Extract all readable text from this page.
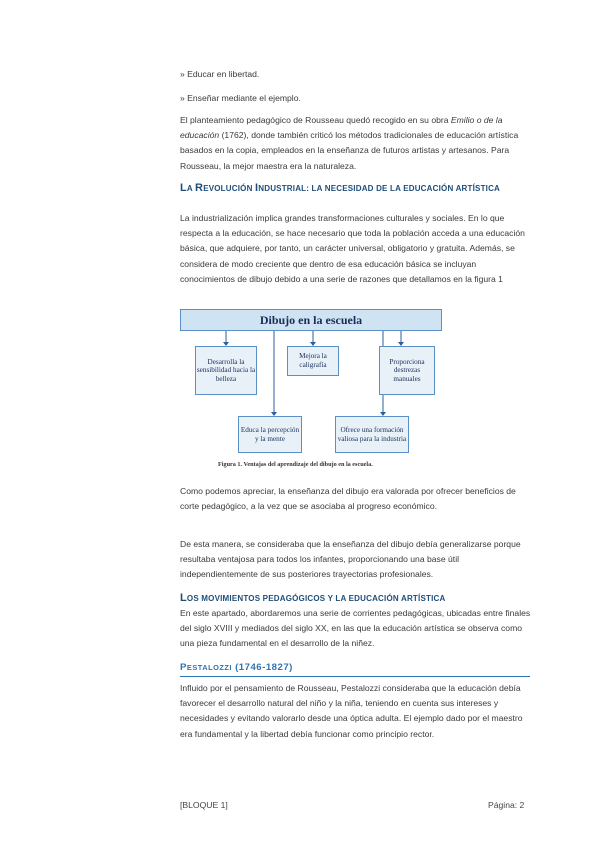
» Educar en libertad.

» Enseñar mediante el ejemplo.

El planteamiento pedagógico de Rousseau quedó recogido en su obra Emilio o de la educación (1762), donde también criticó los métodos tradicionales de educación artística basados en la copia, empleados en la enseñanza de futuros artistas y artesanos. Para Rousseau, la mejor maestra era la naturaleza.

LA REVOLUCIÓN INDUSTRIAL: LA NECESIDAD DE LA EDUCACIÓN ARTÍSTICA

La industrialización implica grandes transformaciones culturales y sociales. En lo que respecta a la educación, se hace necesario que toda la población acceda a una educación básica, que adquiere, por tanto, un carácter universal, obligatorio y gratuita. Además, se considera de modo creciente que dentro de esa educación básica se incluyan conocimientos de dibujo debido a una serie de razones que detallamos en la figura 1

Dibujo en la escuela
Desarrolla la sensibilidad hacia la belleza
Mejora la caligrafía	Proporciona destrezas manuales
Educa la percepción y la mente
Ofrece una formación valiosa para la industria
Figura 1. Ventajas del aprendizaje del dibujo en la escuela.

Como podemos apreciar, la enseñanza del dibujo era valorada por ofrecer beneficios de corte pedagógico, a la vez que se asociaba al progreso económico.

De esta manera, se consideraba que la enseñanza del dibujo debía generalizarse porque resultaba ventajosa para todos los infantes, proporcionando una base útil independientemente de sus posteriores trayectorias profesionales.

LOS MOVIMIENTOS PEDAGÓGICOS Y LA EDUCACIÓN ARTÍSTICA

En este apartado, abordaremos una serie de corrientes pedagógicas, ubicadas entre finales del siglo XVIII y mediados del siglo XX, en las que la educación artística se observa como una pieza fundamental en el desarrollo de la niñez.

PESTALOZZI (1746-1827)

Influido por el pensamiento de Rousseau, Pestalozzi consideraba que la educación debía favorecer el desarrollo natural del niño y la niña, teniendo en cuenta sus intereses y necesidades y evitando valorarlo desde una óptica adulta. El ejemplo dado por el maestro era fundamental y la libertad debía funcionar como principio rector.

[BLOQUE 1]	Página: 2
